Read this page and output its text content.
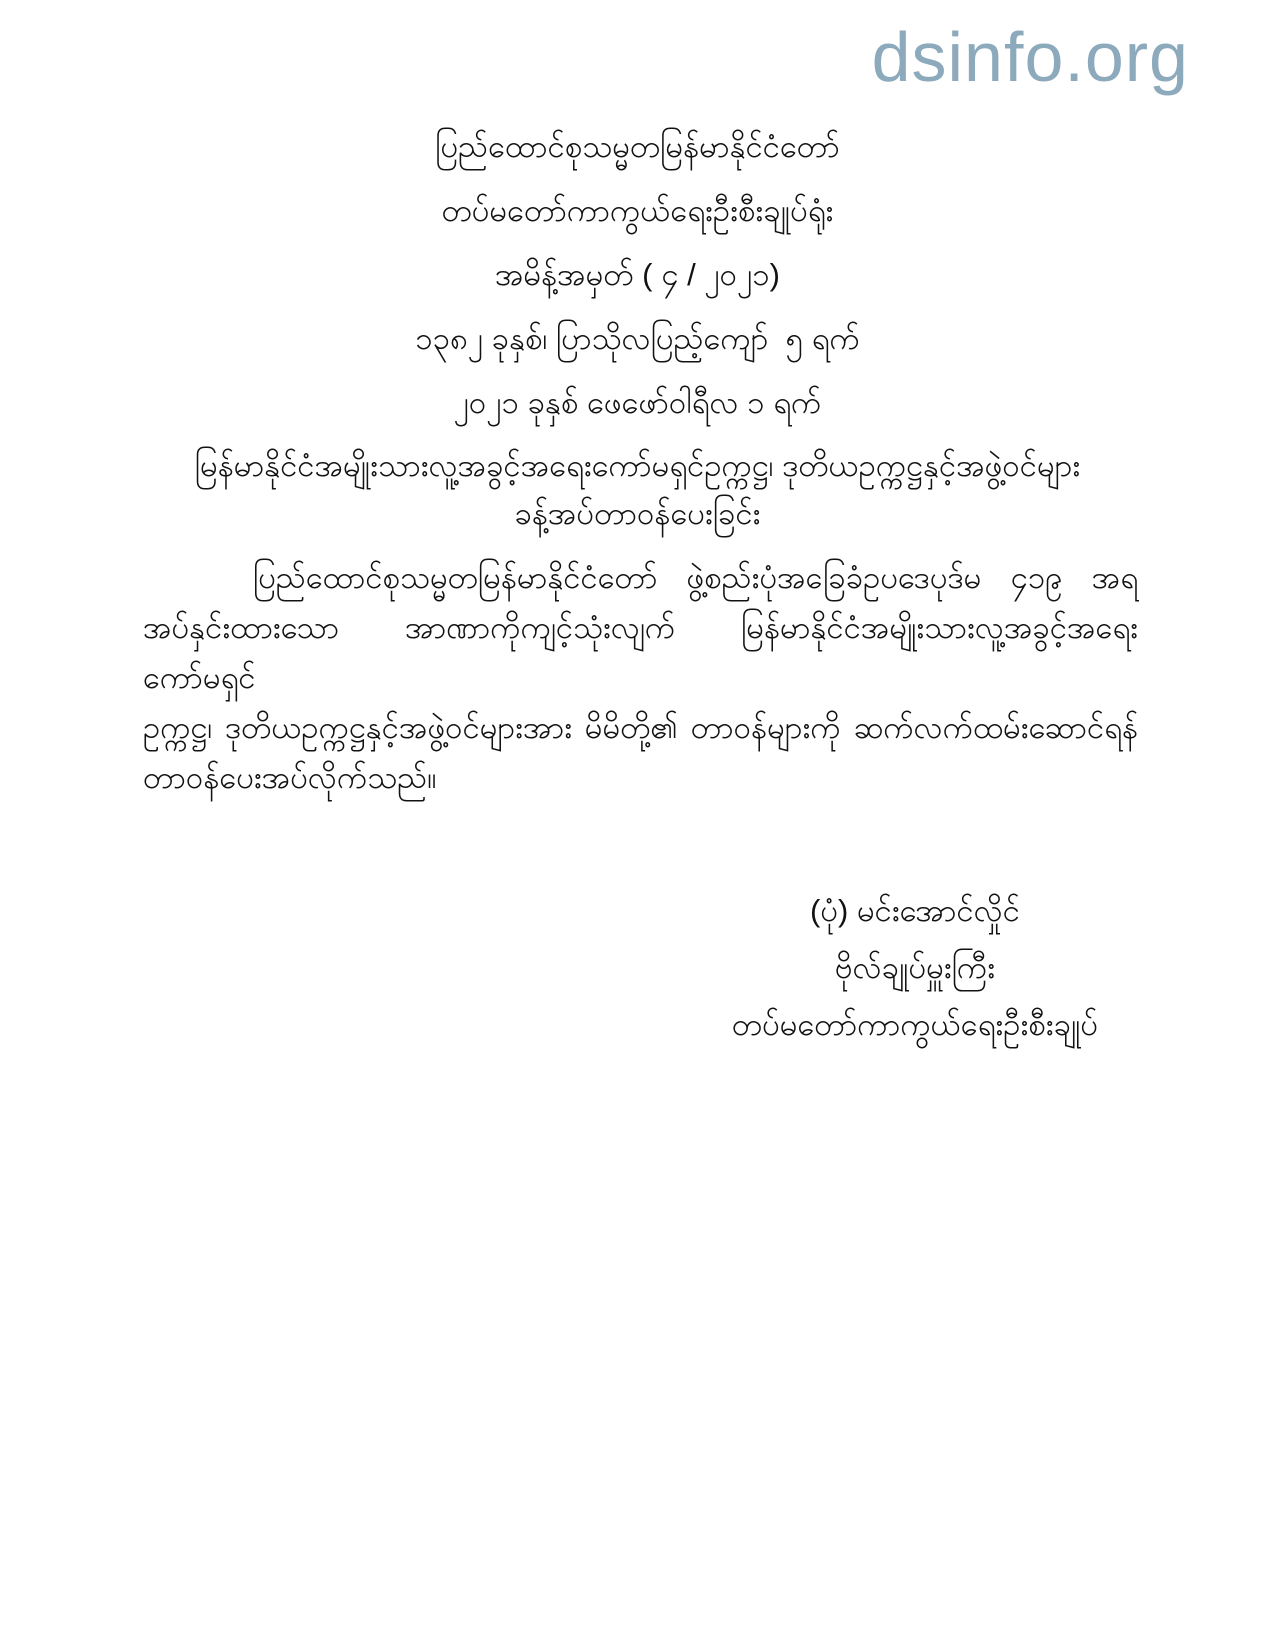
dsinfo.org
ပြည်ထောင်စုသမ္မတမြန်မာနိုင်ငံတော်
တပ်မတော်ကာကွယ်ရေးဦးစီးချုပ်ရုံး
အမိန့်အမှတ် ( ၄ / ၂၀၂၁)
၁၃၈၂ ခုနှစ်၊ ပြာသိုလပြည့်ကျော်  ၅ ရက်
၂၀၂၁ ခုနှစ် ဖေဖော်ဝါရီလ ၁ ရက်
မြန်မာနိုင်ငံအမျိုးသားလူ့အခွင့်အရေးကော်မရှင်ဥက္ကဋ္ဌ၊ ဒုတိယဥက္ကဋ္ဌနှင့်အဖွဲ့ဝင်များ
ခန့်အပ်တာဝန်ပေးခြင်း
ပြည်ထောင်စုသမ္မတမြန်မာနိုင်ငံတော် ဖွဲ့စည်းပုံအခြေခံဥပဒေပုဒ်မ ၄၁၉ အရ
အပ်နှင်းထားသော အာဏာကိုကျင့်သုံးလျက် မြန်မာနိုင်ငံအမျိုးသားလူ့အခွင့်အရေး ကော်မရှင်
ဥက္ကဋ္ဌ၊ ဒုတိယဥက္ကဋ္ဌနှင့်အဖွဲ့ဝင်များအား မိမိတို့၏ တာဝန်များကို ဆက်လက်ထမ်းဆောင်ရန်
တာဝန်ပေးအပ်လိုက်သည်။
(ပုံ) မင်းအောင်လှိုင်
ဗိုလ်ချုပ်မှူးကြီး
တပ်မတော်ကာကွယ်ရေးဦးစီးချုပ်
